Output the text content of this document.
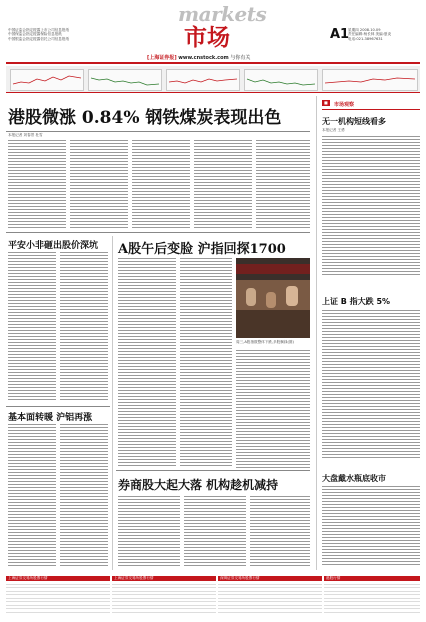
中国证监会指定披露上市公司信息报纸
中国保监会指定披露保险信息报纸
中国银监会指定披露信托公司信息报纸
markets
市场	A1
星期四 2008.10.09
责任编辑:杨长林 美编:夏炎
电话:021-38967631
[上海证券报] www.cnstock.com 与你有关
港股微涨 0.84% 钢铁煤炭表现出色
本报记者 刘春景 杜雪
■	市场观察
无一机构短线看多
本报记者 王勇
上证 B 指大跌 5%
大盘戴水瓶底收市
平安小非砸出股价深坑
基本面转暖 沪铝再涨
A股午后变脸 沪指回探1700
周三,A股指数整体下跌,多股飘绿(图)
券商股大起大落 机构趁机减持
上海证券交易所股票行情	上海证券交易所股票行情	深圳证券交易所股票行情	港股行情
